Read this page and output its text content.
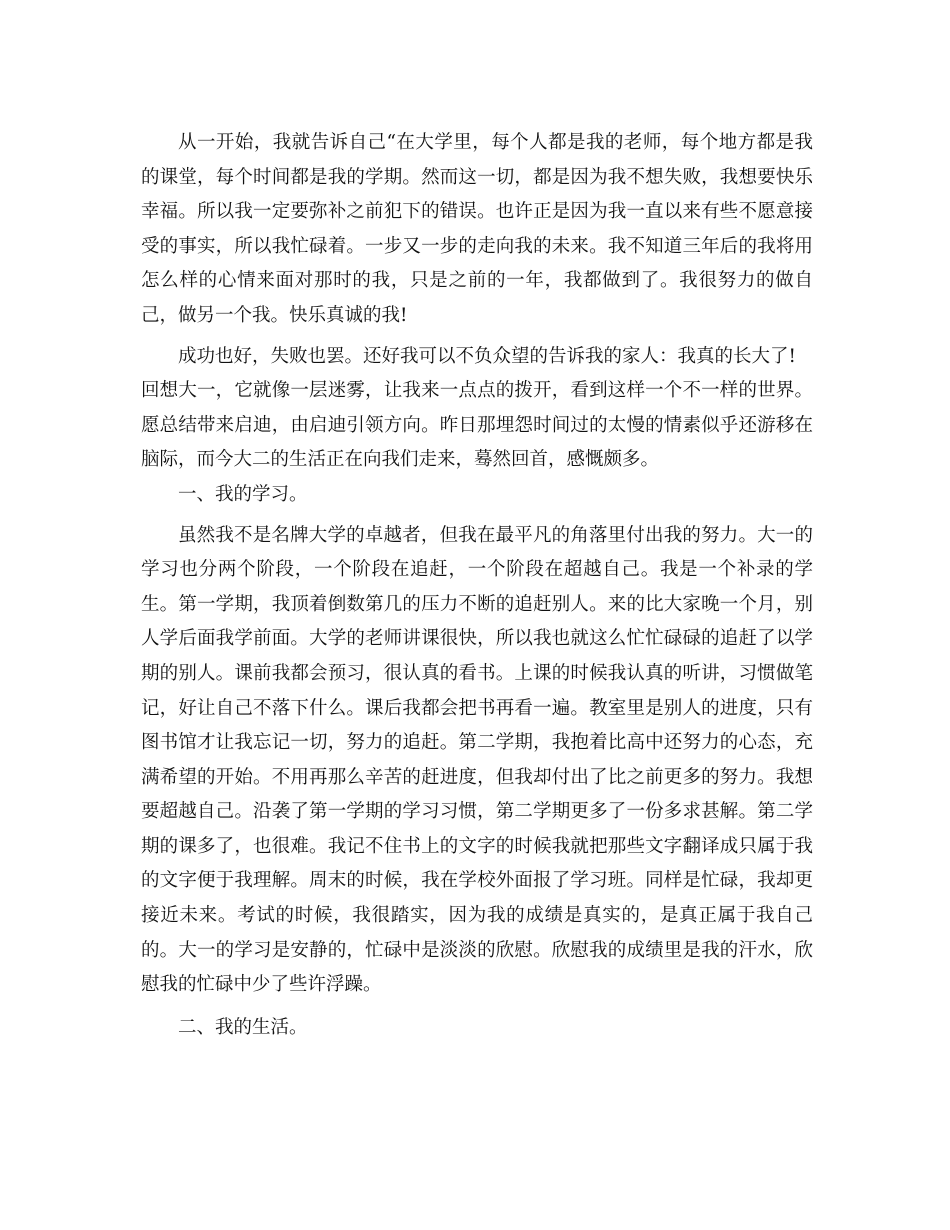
从一开始，我就告诉自己“在大学里，每个人都是我的老师，每个地方都是我的课堂，每个时间都是我的学期。然而这一切，都是因为我不想失败，我想要快乐幸福。所以我一定要弥补之前犯下的错误。也许正是因为我一直以来有些不愿意接受的事实，所以我忙碌着。一步又一步的走向我的未来。我不知道三年后的我将用怎么样的心情来面对那时的我，只是之前的一年，我都做到了。我很努力的做自己，做另一个我。快乐真诚的我!

成功也好，失败也罢。还好我可以不负众望的告诉我的家人：我真的长大了!

回想大一，它就像一层迷雾，让我来一点点的拨开，看到这样一个不一样的世界。愿总结带来启迪，由启迪引领方向。昨日那埋怨时间过的太慢的情素似乎还游移在脑际，而今大二的生活正在向我们走来，蓦然回首，感慨颇多。

一、我的学习。

虽然我不是名牌大学的卓越者，但我在最平凡的角落里付出我的努力。大一的学习也分两个阶段，一个阶段在追赶，一个阶段在超越自己。我是一个补录的学生。第一学期，我顶着倒数第几的压力不断的追赶别人。来的比大家晚一个月，别人学后面我学前面。大学的老师讲课很快，所以我也就这么忙忙碌碌的追赶了以学期的别人。课前我都会预习，很认真的看书。上课的时候我认真的听讲，习惯做笔记，好让自己不落下什么。课后我都会把书再看一遍。教室里是别人的进度，只有图书馆才让我忘记一切，努力的追赶。第二学期，我抱着比高中还努力的心态，充满希望的开始。不用再那么辛苦的赶进度，但我却付出了比之前更多的努力。我想要超越自己。沿袭了第一学期的学习习惯，第二学期更多了一份多求甚解。第二学期的课多了，也很难。我记不住书上的文字的时候我就把那些文字翻译成只属于我的文字便于我理解。周末的时候，我在学校外面报了学习班。同样是忙碌，我却更接近未来。考试的时候，我很踏实，因为我的成绩是真实的，是真正属于我自己的。大一的学习是安静的，忙碌中是淡淡的欣慰。欣慰我的成绩里是我的汗水，欣慰我的忙碌中少了些许浮躁。

二、我的生活。
